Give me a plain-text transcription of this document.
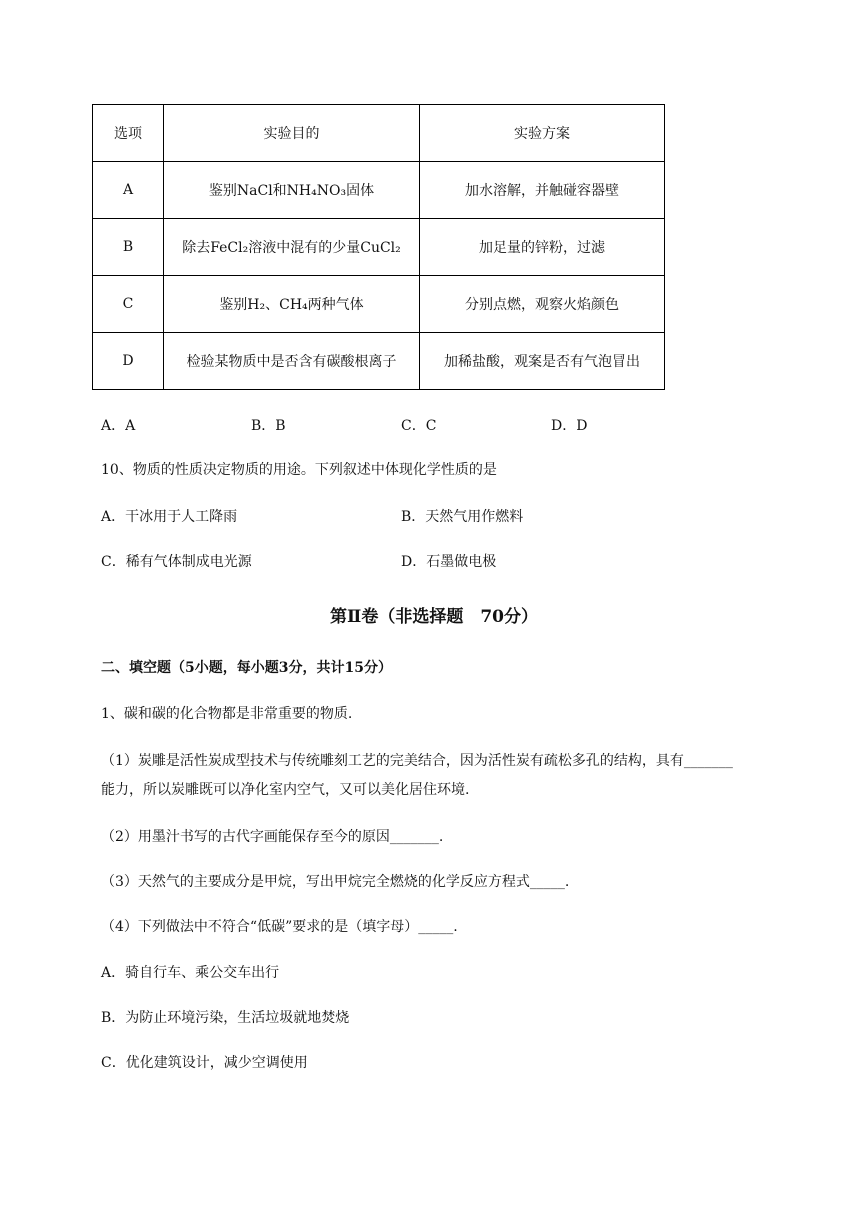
选项	实验目的	实验方案
A	鉴别NaCl和NH₄NO₃固体	加水溶解，并触碰容器壁
B	除去FeCl₂溶液中混有的少量CuCl₂	加足量的锌粉，过滤
C	鉴别H₂、CH₄两种气体	分别点燃，观察火焰颜色
D	检验某物质中是否含有碳酸根离子	加稀盐酸，观案是否有气泡冒出
A．A	B．B	C．C	D．D
10、物质的性质决定物质的用途。下列叙述中体现化学性质的是
A．干冰用于人工降雨	B．天然气用作燃料
C．稀有气体制成电光源	D．石墨做电极
第Ⅱ卷（非选择题　70分）
二、填空题（5小题，每小题3分，共计15分）
1、碳和碳的化合物都是非常重要的物质.
（1）炭雕是活性炭成型技术与传统雕刻工艺的完美结合，因为活性炭有疏松多孔的结构，具有_______
能力，所以炭雕既可以净化室内空气，又可以美化居住环境.
（2）用墨汁书写的古代字画能保存至今的原因_______.
（3）天然气的主要成分是甲烷，写出甲烷完全燃烧的化学反应方程式_____.
（4）下列做法中不符合“低碳”要求的是（填字母）_____.
A．骑自行车、乘公交车出行
B．为防止环境污染，生活垃圾就地焚烧
C．优化建筑设计，减少空调使用
